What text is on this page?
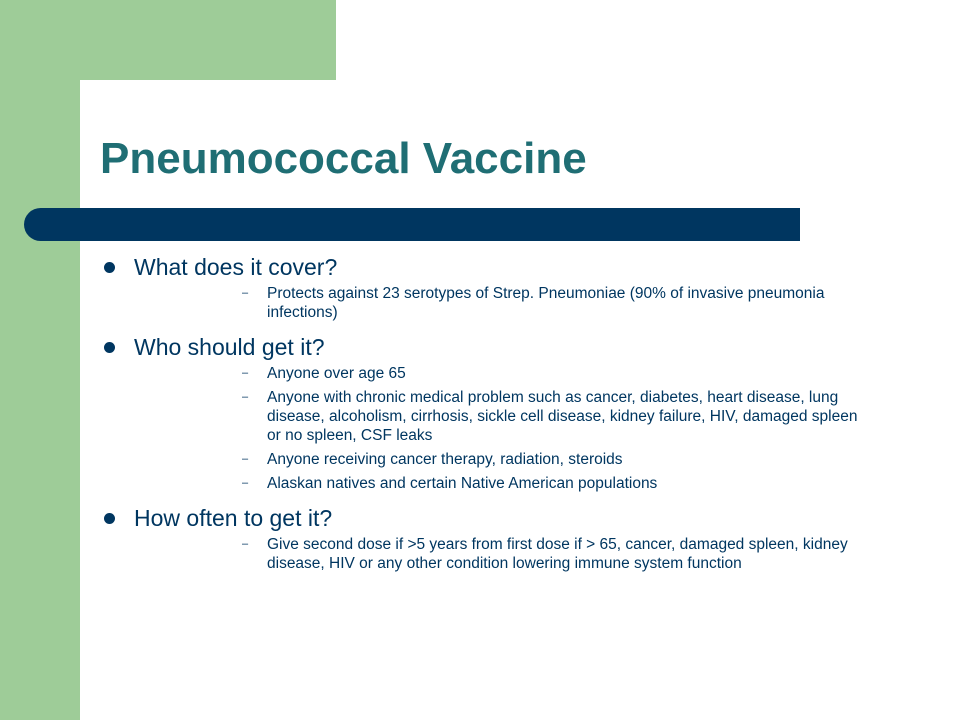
Pneumococcal Vaccine

What does it cover?

– Protects against 23 serotypes of Strep. Pneumoniae (90% of invasive pneumonia infections)

Who should get it?

– Anyone over age 65
– Anyone with chronic medical problem such as cancer, diabetes, heart disease, lung disease, alcoholism, cirrhosis, sickle cell disease, kidney failure, HIV, damaged spleen or no spleen, CSF leaks
– Anyone receiving cancer therapy, radiation, steroids
– Alaskan natives and certain Native American populations

How often to get it?

– Give second dose if >5 years from first dose if > 65, cancer, damaged spleen, kidney disease, HIV or any other condition lowering immune system function
